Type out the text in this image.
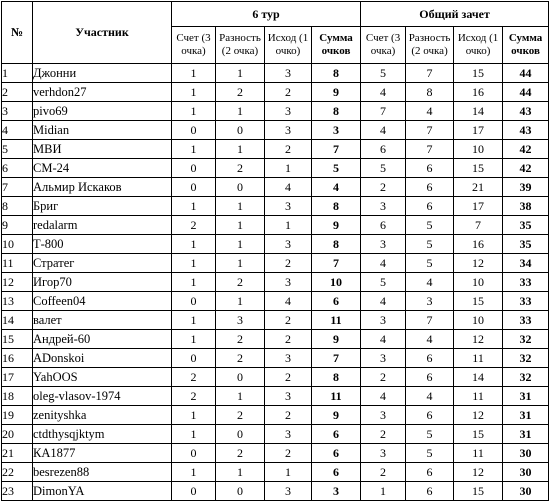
№	Участник	6 тур				Общий зачет			
		Счет (3 очка)	Разность (2 очка)	Исход (1 очко)	Сумма очков	Счет (3 очка)	Разность (2 очка)	Исход (1 очко)	Сумма очков
1	Джонни	1	1	3	8	5	7	15	44
2	verhdon27	1	2	2	9	4	8	16	44
3	pivo69	1	1	3	8	7	4	14	43
4	Midian	0	0	3	3	4	7	17	43
5	МВИ	1	1	2	7	6	7	10	42
6	СМ-24	0	2	1	5	5	6	15	42
7	Альмир Искаков	0	0	4	4	2	6	21	39
8	Бриг	1	1	3	8	3	6	17	38
9	redalarm	2	1	1	9	6	5	7	35
10	Т-800	1	1	3	8	3	5	16	35
11	Стратег	1	1	2	7	4	5	12	34
12	Игор70	1	2	3	10	5	4	10	33
13	Coffeen04	0	1	4	6	4	3	15	33
14	валет	1	3	2	11	3	7	10	33
15	Андрей-60	1	2	2	9	4	4	12	32
16	ADonskoi	0	2	3	7	3	6	11	32
17	YahOOS	2	0	2	8	2	6	14	32
18	oleg-vlasov-1974	2	1	3	11	4	4	11	31
19	zenityshka	1	2	2	9	3	6	12	31
20	ctdthysqjktym	1	0	3	6	2	5	15	31
21	КА1877	0	2	2	6	3	5	11	30
22	besrezen88	1	1	1	6	2	6	12	30
23	DimonYA	0	0	3	3	1	6	15	30
